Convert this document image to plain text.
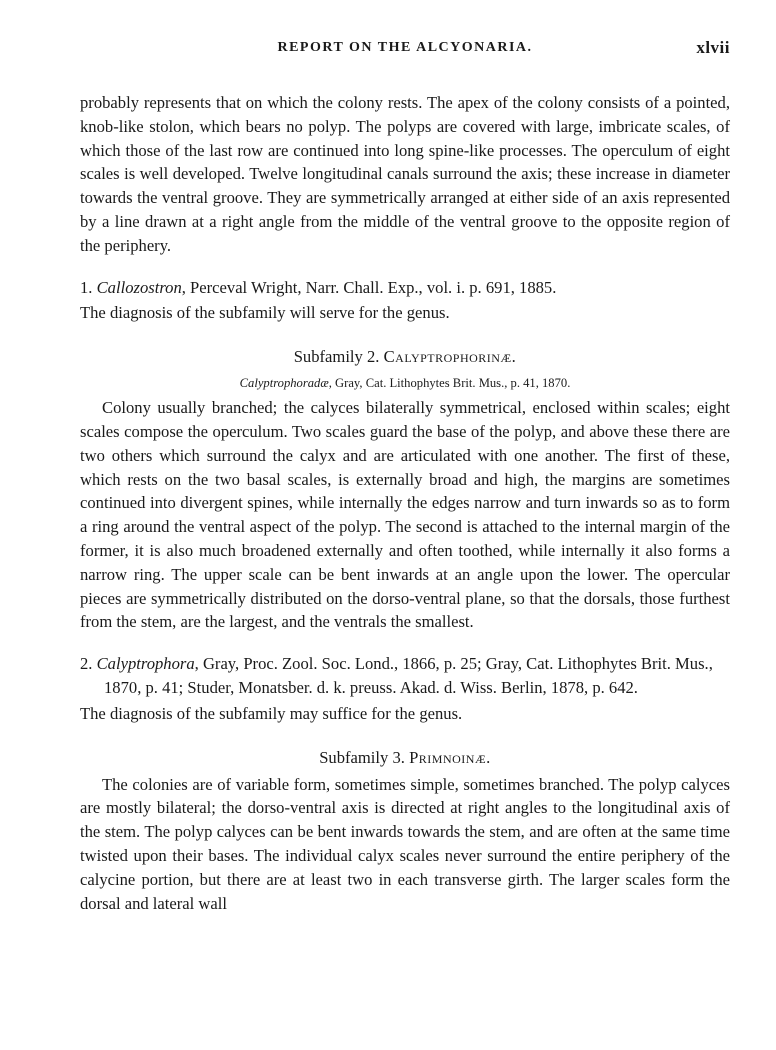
REPORT ON THE ALCYONARIA.	xlvii

probably represents that on which the colony rests. The apex of the colony consists of a pointed, knob-like stolon, which bears no polyp. The polyps are covered with large, imbricate scales, of which those of the last row are continued into long spine-like processes. The operculum of eight scales is well developed. Twelve longitudinal canals surround the axis; these increase in diameter towards the ventral groove. They are symmetrically arranged at either side of an axis represented by a line drawn at a right angle from the middle of the ventral groove to the opposite region of the periphery.

1. Callozostron, Perceval Wright, Narr. Chall. Exp., vol. i. p. 691, 1885.

The diagnosis of the subfamily will serve for the genus.

Subfamily 2. Calyptrophorinæ.
Calyptrophoradæ, Gray, Cat. Lithophytes Brit. Mus., p. 41, 1870.

Colony usually branched; the calyces bilaterally symmetrical, enclosed within scales; eight scales compose the operculum. Two scales guard the base of the polyp, and above these there are two others which surround the calyx and are articulated with one another. The first of these, which rests on the two basal scales, is externally broad and high, the margins are sometimes continued into divergent spines, while internally the edges narrow and turn inwards so as to form a ring around the ventral aspect of the polyp. The second is attached to the internal margin of the former, it is also much broadened externally and often toothed, while internally it also forms a narrow ring. The upper scale can be bent inwards at an angle upon the lower. The opercular pieces are symmetrically distributed on the dorso-ventral plane, so that the dorsals, those furthest from the stem, are the largest, and the ventrals the smallest.

2. Calyptrophora, Gray, Proc. Zool. Soc. Lond., 1866, p. 25; Gray, Cat. Lithophytes Brit. Mus., 1870, p. 41; Studer, Monatsber. d. k. preuss. Akad. d. Wiss. Berlin, 1878, p. 642.

The diagnosis of the subfamily may suffice for the genus.

Subfamily 3. Primnoinæ.

The colonies are of variable form, sometimes simple, sometimes branched. The polyp calyces are mostly bilateral; the dorso-ventral axis is directed at right angles to the longitudinal axis of the stem. The polyp calyces can be bent inwards towards the stem, and are often at the same time twisted upon their bases. The individual calyx scales never surround the entire periphery of the calycine portion, but there are at least two in each transverse girth. The larger scales form the dorsal and lateral wall
